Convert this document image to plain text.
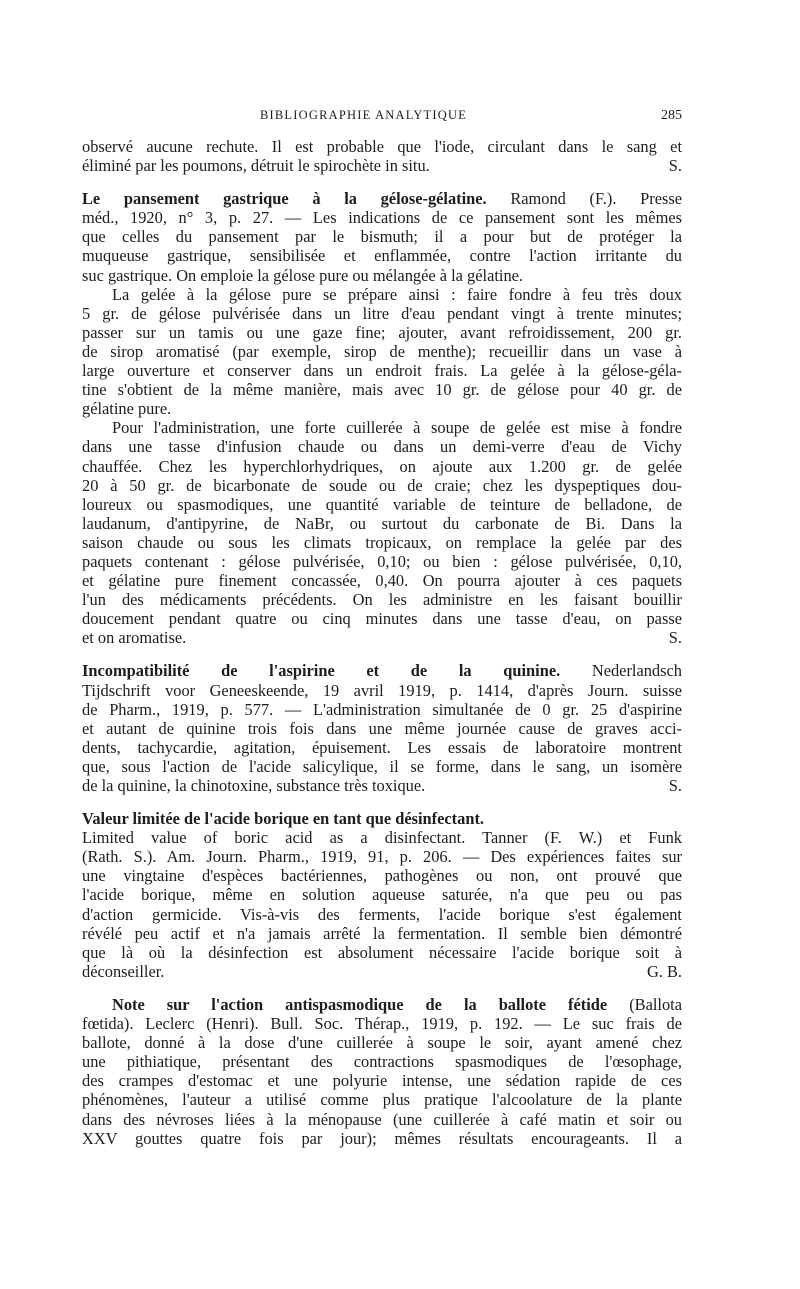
BIBLIOGRAPHIE ANALYTIQUE	285
observé aucune rechute. Il est probable que l'iode, circulant dans le sang et
éliminé par les poumons, détruit le spirochète in situ.	S.
Le pansement gastrique à la gélose-gélatine. Ramond (F.). Presse
méd., 1920, n° 3, p. 27. — Les indications de ce pansement sont les mêmes
que celles du pansement par le bismuth; il a pour but de protéger la
muqueuse gastrique, sensibilisée et enflammée, contre l'action irritante du
suc gastrique. On emploie la gélose pure ou mélangée à la gélatine.
La gelée à la gélose pure se prépare ainsi : faire fondre à feu très doux
5 gr. de gélose pulvérisée dans un litre d'eau pendant vingt à trente minutes;
passer sur un tamis ou une gaze fine; ajouter, avant refroidissement, 200 gr.
de sirop aromatisé (par exemple, sirop de menthe); recueillir dans un vase à
large ouverture et conserver dans un endroit frais. La gelée à la gélose-géla-
tine s'obtient de la même manière, mais avec 10 gr. de gélose pour 40 gr. de
gélatine pure.
Pour l'administration, une forte cuillerée à soupe de gelée est mise à fondre
dans une tasse d'infusion chaude ou dans un demi-verre d'eau de Vichy
chauffée. Chez les hyperchlorhydriques, on ajoute aux 1.200 gr. de gelée
20 à 50 gr. de bicarbonate de soude ou de craie; chez les dyspeptiques dou-
loureux ou spasmodiques, une quantité variable de teinture de belladone, de
laudanum, d'antipyrine, de NaBr, ou surtout du carbonate de Bi. Dans la
saison chaude ou sous les climats tropicaux, on remplace la gelée par des
paquets contenant : gélose pulvérisée, 0,10; ou bien : gélose pulvérisée, 0,10,
et gélatine pure finement concassée, 0,40. On pourra ajouter à ces paquets
l'un des médicaments précédents. On les administre en les faisant bouillir
doucement pendant quatre ou cinq minutes dans une tasse d'eau, on passe
et on aromatise.	S.
Incompatibilité de l'aspirine et de la quinine. Nederlandsch
Tijdschrift voor Geneeskeende, 19 avril 1919, p. 1414, d'après Journ. suisse
de Pharm., 1919, p. 577. — L'administration simultanée de 0 gr. 25 d'aspirine
et autant de quinine trois fois dans une même journée cause de graves acci-
dents, tachycardie, agitation, épuisement. Les essais de laboratoire montrent
que, sous l'action de l'acide salicylique, il se forme, dans le sang, un isomère
de la quinine, la chinotoxine, substance très toxique.	S.
Valeur limitée de l'acide borique en tant que désinfectant.
Limited value of boric acid as a disinfectant. Tanner (F. W.) et Funk
(Rath. S.). Am. Journ. Pharm., 1919, 91, p. 206. — Des expériences faites sur
une vingtaine d'espèces bactériennes, pathogènes ou non, ont prouvé que
l'acide borique, même en solution aqueuse saturée, n'a que peu ou pas
d'action germicide. Vis-à-vis des ferments, l'acide borique s'est également
révélé peu actif et n'a jamais arrêté la fermentation. Il semble bien démontré
que là où la désinfection est absolument nécessaire l'acide borique soit à
déconseiller.	G. B.
Note sur l'action antispasmodique de la ballote fétide (Ballota
fœtida). Leclerc (Henri). Bull. Soc. Thérap., 1919, p. 192. — Le suc frais de
ballote, donné à la dose d'une cuillerée à soupe le soir, ayant amené chez
une pithiatique, présentant des contractions spasmodiques de l'œsophage,
des crampes d'estomac et une polyurie intense, une sédation rapide de ces
phénomènes, l'auteur a utilisé comme plus pratique l'alcoolature de la plante
dans des névroses liées à la ménopause (une cuillerée à café matin et soir ou
XXV gouttes quatre fois par jour); mêmes résultats encourageants. Il a
